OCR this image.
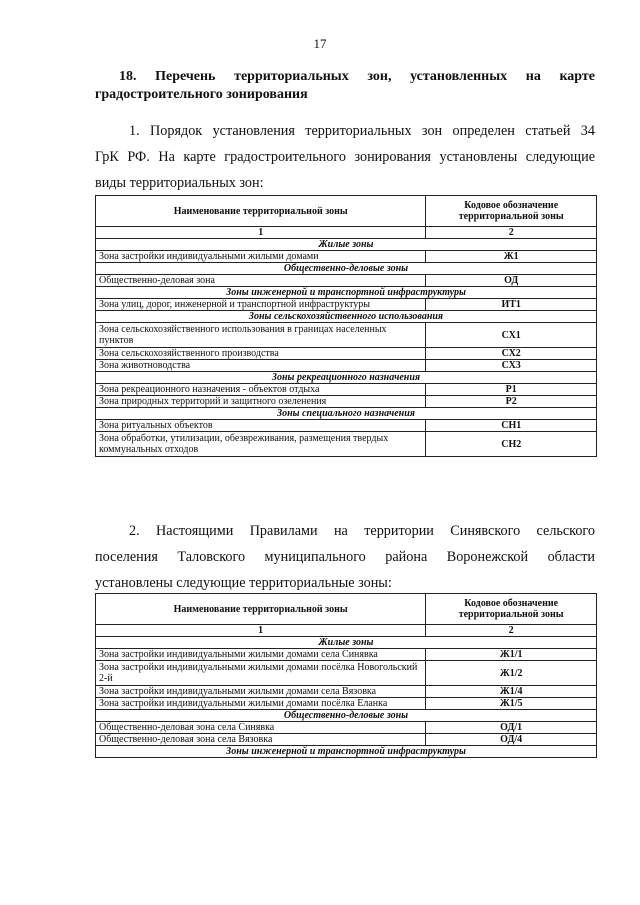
17
18. Перечень территориальных зон, установленных на карте
градостроительного зонирования
1. Порядок установления территориальных зон определен статьей 34
ГрК РФ. На карте градостроительного зонирования установлены следующие
виды территориальных зон:
Наименование территориальной зоны	Кодовое обозначение территориальной зоны
1	2
Жилые зоны	
Зона застройки индивидуальными жилыми домами	Ж1
Общественно-деловые зоны	
Общественно-деловая зона	ОД
Зоны инженерной и транспортной инфраструктуры	
Зона улиц, дорог, инженерной и транспортной инфраструктуры	ИТ1
Зоны сельскохозяйственного использования	
Зона сельскохозяйственного использования в границах населенных пунктов	СХ1
Зона сельскохозяйственного производства	СХ2
Зона животноводства	СХ3
Зоны рекреационного назначения	
Зона рекреационного назначения - объектов отдыха	Р1
Зона природных территорий и защитного озеленения	Р2
Зоны специального назначения	
Зона ритуальных объектов	СН1
Зона обработки, утилизации, обезвреживания, размещения твердых коммунальных отходов	СН2
2. Настоящими Правилами на территории Синявского сельского
поселения Таловского муниципального района Воронежской области
установлены следующие территориальные зоны:
Наименование территориальной зоны	Кодовое обозначение территориальной зоны
1	2
Жилые зоны	
Зона застройки индивидуальными жилыми домами села Синявка	Ж1/1
Зона застройки индивидуальными жилыми домами посёлка Новогольский 2-й	Ж1/2
Зона застройки индивидуальными жилыми домами села Вязовка	Ж1/4
Зона застройки индивидуальными жилыми домами посёлка Еланка	Ж1/5
Общественно-деловые зоны	
Общественно-деловая зона села Синявка	ОД/1
Общественно-деловая зона села Вязовка	ОД/4
Зоны инженерной и транспортной инфраструктуры	
